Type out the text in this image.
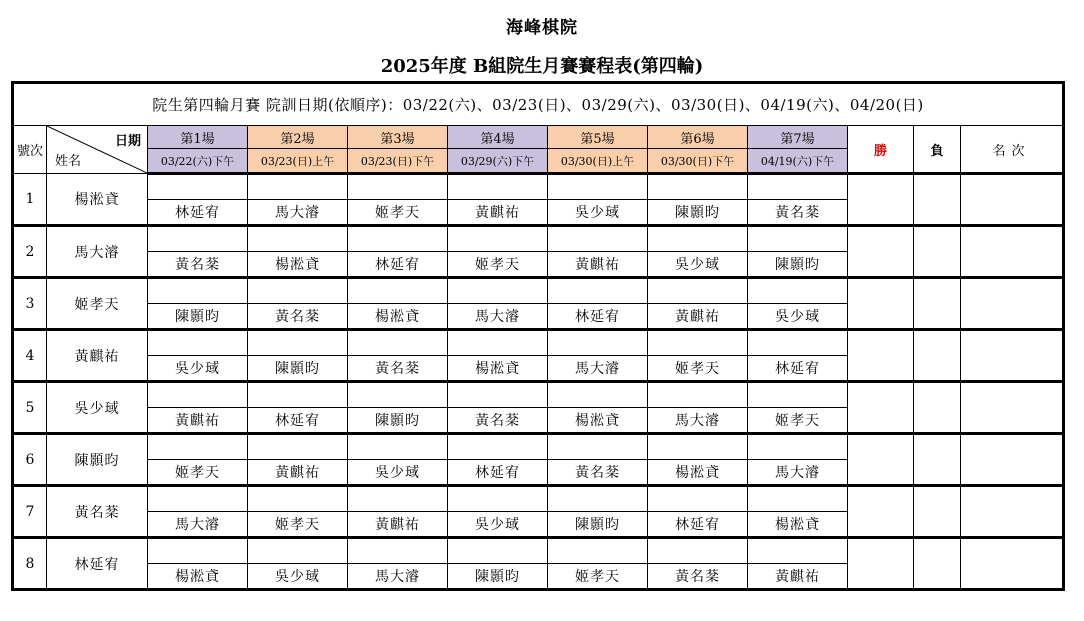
海峰棋院
2025年度 B組院生月賽賽程表(第四輪)
院生第四輪月賽 院訓日期(依順序)：03/22(六)、03/23(日)、03/29(六)、03/30(日)、04/19(六)、04/20(日)											
號次	日期
姓名	第1場	第2場	第3場	第4場	第5場	第6場	第7場	勝	負	名次
		03/22(六)下午	03/23(日)上午	03/23(日)下午	03/29(六)下午	03/30(日)上午	03/30(日)下午	04/19(六)下午			
1	楊淞貣										
		林延宥	馬大濬	姬孝天	黃麒祐	吳少琙	陳顥昀	黃名棻			
2	馬大濬										
		黃名棻	楊淞貣	林延宥	姬孝天	黃麒祐	吳少琙	陳顥昀			
3	姬孝天										
		陳顥昀	黃名棻	楊淞貣	馬大濬	林延宥	黃麒祐	吳少琙			
4	黃麒祐										
		吳少琙	陳顥昀	黃名棻	楊淞貣	馬大濬	姬孝天	林延宥			
5	吳少琙										
		黃麒祐	林延宥	陳顥昀	黃名棻	楊淞貣	馬大濬	姬孝天			
6	陳顥昀										
		姬孝天	黃麒祐	吳少琙	林延宥	黃名棻	楊淞貣	馬大濬			
7	黃名棻										
		馬大濬	姬孝天	黃麒祐	吳少琙	陳顥昀	林延宥	楊淞貣			
8	林延宥										
		楊淞貣	吳少琙	馬大濬	陳顥昀	姬孝天	黃名棻	黃麒祐			
